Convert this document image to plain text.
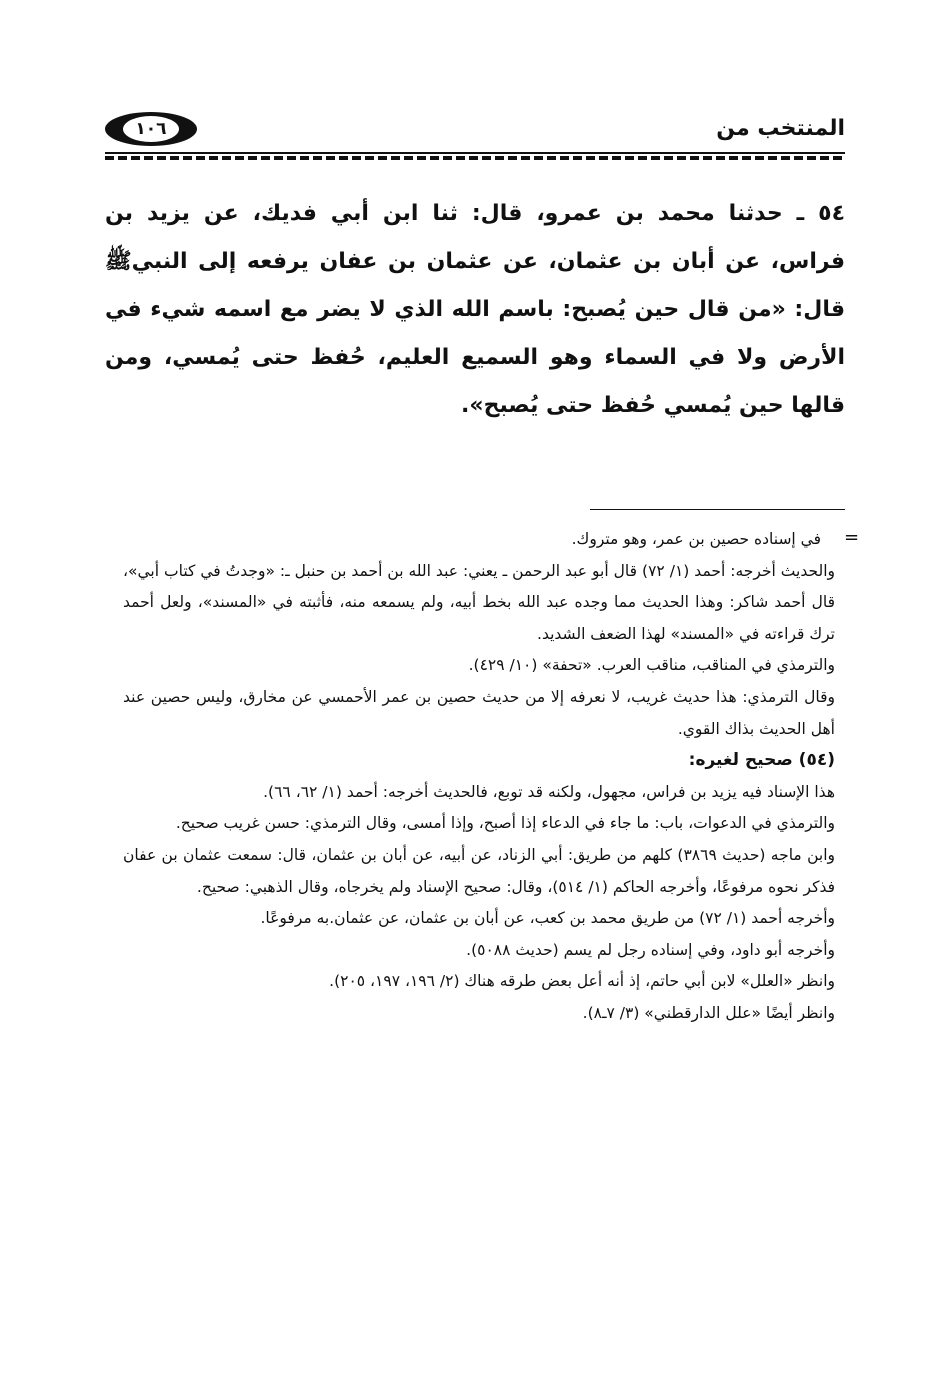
١٠٦	المنتخب من

٥٤ ـ حدثنا محمد بن عمرو، قال: ثنا ابن أبي فديك، عن يزيد بن فراس، عن أبان بن عثمان، عن عثمان بن عفان يرفعه إلى النبيﷺ قال: «من قال حين يُصبح: باسم الله الذي لا يضر مع اسمه شيء في الأرض ولا في السماء وهو السميع العليم، حُفظ حتى يُمسي، ومن قالها حين يُمسي حُفظ حتى يُصبح».

=

في إسناده حصين بن عمر، وهو متروك.

والحديث أخرجه: أحمد (١/ ٧٢) قال أبو عبد الرحمن ـ يعني: عبد الله بن أحمد بن حنبل ـ: «وجدتُ في كتاب أبي»، قال أحمد شاكر: وهذا الحديث مما وجده عبد الله بخط أبيه، ولم يسمعه منه، فأثبته في «المسند»، ولعل أحمد ترك قراءته في «المسند» لهذا الضعف الشديد.

والترمذي في المناقب، مناقب العرب. «تحفة» (١٠/ ٤٢٩).

وقال الترمذي: هذا حديث غريب، لا نعرفه إلا من حديث حصين بن عمر الأحمسي عن مخارق، وليس حصين عند أهل الحديث بذاك القوي.

(٥٤) صحيح لغيره:

هذا الإسناد فيه يزيد بن فراس، مجهول، ولكنه قد توبع، فالحديث أخرجه: أحمد (١/ ٦٢، ٦٦).

والترمذي في الدعوات، باب: ما جاء في الدعاء إذا أصبح، وإذا أمسى، وقال الترمذي: حسن غريب صحيح.

وابن ماجه (حديث ٣٨٦٩) كلهم من طريق: أبي الزناد، عن أبيه، عن أبان بن عثمان، قال: سمعت عثمان بن عفان فذكر نحوه مرفوعًا، وأخرجه الحاكم (١/ ٥١٤)، وقال: صحيح الإسناد ولم يخرجاه، وقال الذهبي: صحيح.

وأخرجه أحمد (١/ ٧٢) من طريق محمد بن كعب، عن أبان بن عثمان، عن عثمان.به مرفوعًا.

وأخرجه أبو داود، وفي إسناده رجل لم يسم (حديث ٥٠٨٨).

وانظر «العلل» لابن أبي حاتم، إذ أنه أعل بعض طرقه هناك (٢/ ١٩٦، ١٩٧، ٢٠٥).

وانظر أيضًا «علل الدارقطني» (٣/ ٧ـ٨).
